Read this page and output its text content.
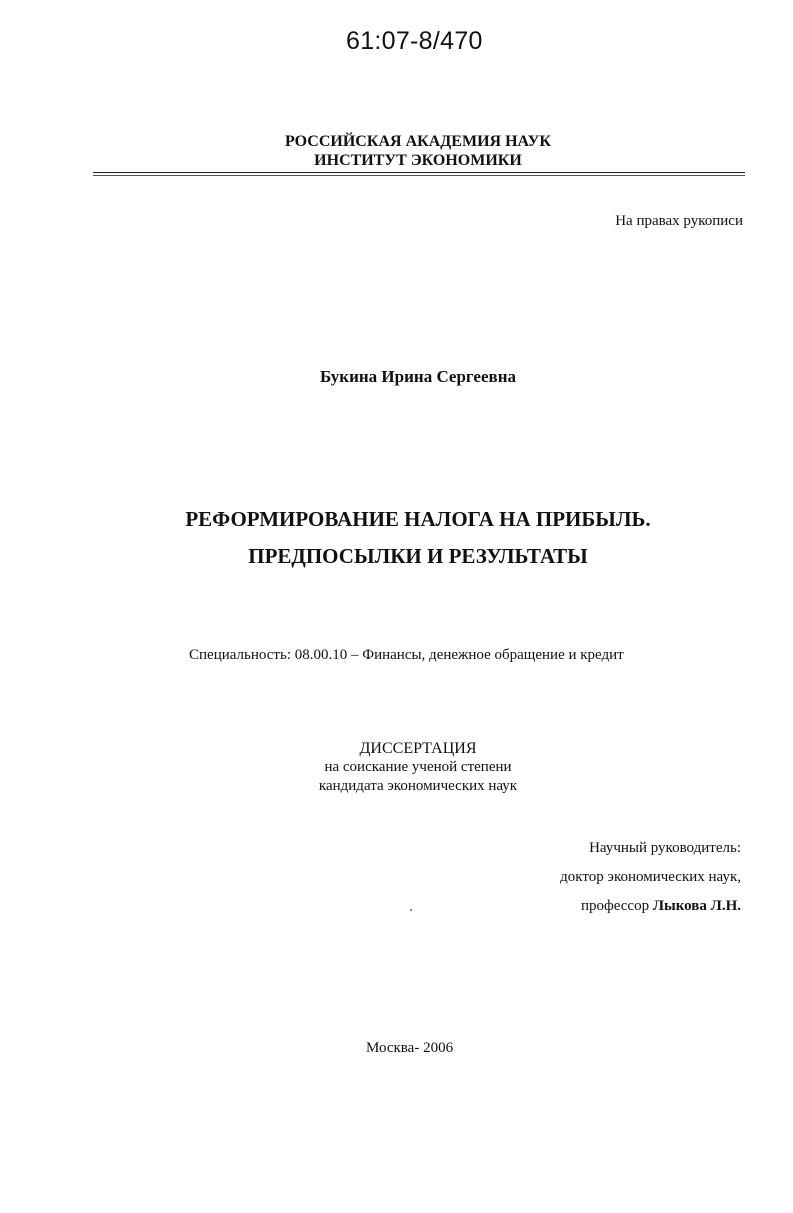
61:07-8/470
РОССИЙСКАЯ АКАДЕМИЯ НАУК
ИНСТИТУТ ЭКОНОМИКИ
На правах рукописи
Букина Ирина Сергеевна
РЕФОРМИРОВАНИЕ НАЛОГА НА ПРИБЫЛЬ.
ПРЕДПОСЫЛКИ И РЕЗУЛЬТАТЫ
Специальность: 08.00.10 – Финансы, денежное обращение и кредит
ДИССЕРТАЦИЯ
на соискание ученой степени
кандидата экономических наук
Научный руководитель:
доктор экономических наук,
профессор Лыкова Л.Н.
Москва- 2006
